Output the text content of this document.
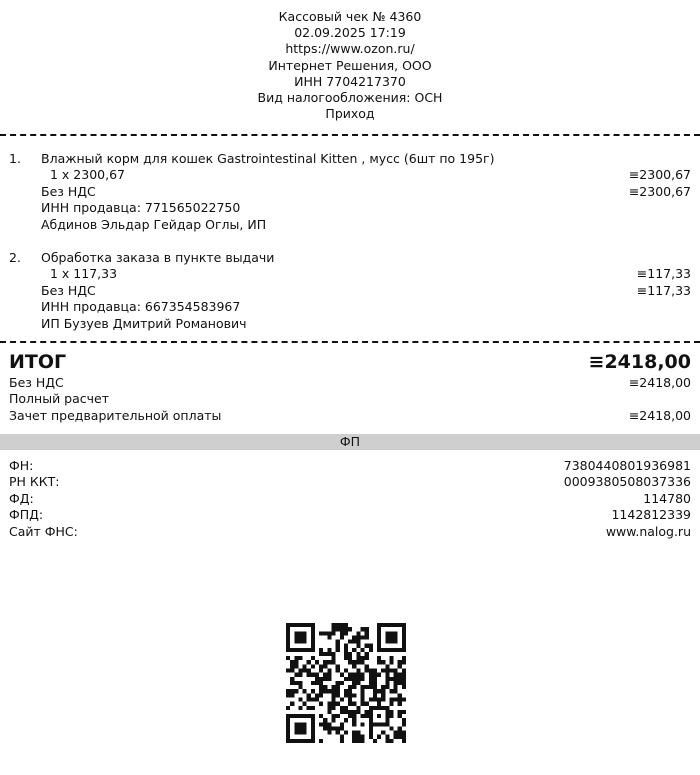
Кассовый чек № 4360
02.09.2025 17:19
https://www.ozon.ru/
Интернет Решения, ООО
ИНН 7704217370
Вид налогообложения: ОСН
Приход
1. Влажный корм для кошек Gastrointestinal Kitten , мусс (6шт по 195г)
1 x 2300,67	≡2300,67
Без НДС	≡2300,67
ИНН продавца: 771565022750
Абдинов Эльдар Гейдар Оглы, ИП
2. Обработка заказа в пункте выдачи
1 x 117,33	≡117,33
Без НДС	≡117,33
ИНН продавца: 667354583967
ИП Бузуев Дмитрий Романович
ИТОГ	≡2418,00
Без НДС	≡2418,00
Полный расчет
Зачет предварительной оплаты	≡2418,00
ФП
ФН:	7380440801936981
РН ККТ:	0009380508037336
ФД:	114780
ФПД:	1142812339
Сайт ФНС:	www.nalog.ru
